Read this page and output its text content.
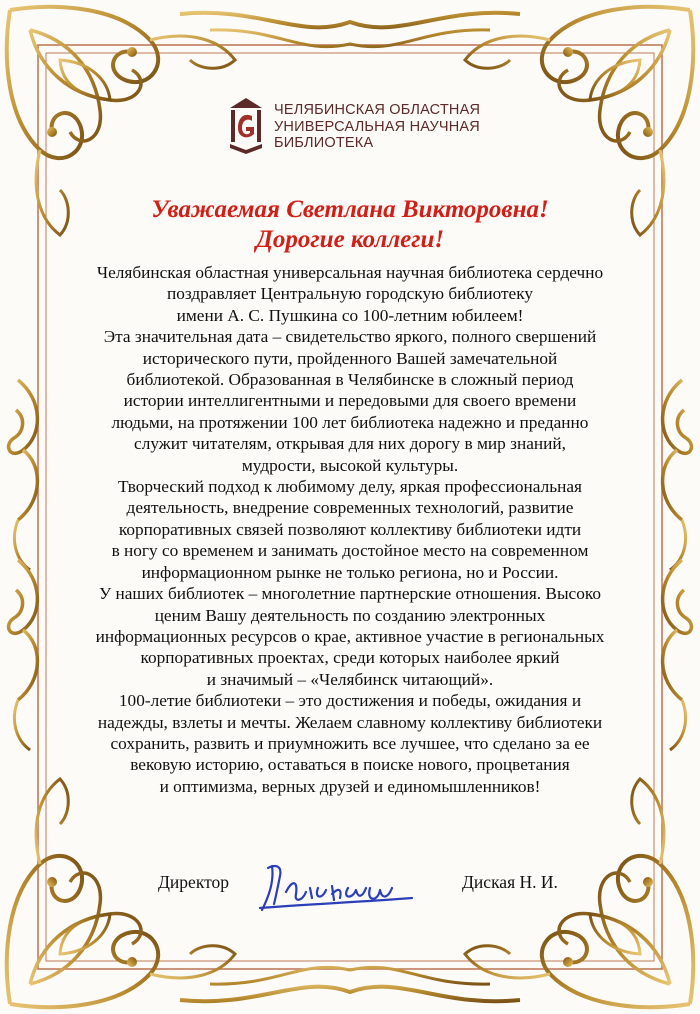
ЧЕЛЯБИНСКАЯ ОБЛАСТНАЯ
УНИВЕРСАЛЬНАЯ НАУЧНАЯ
БИБЛИОТЕКА
Уважаемая Светлана Викторовна!
Дорогие коллеги!
Челябинская областная универсальная научная библиотека сердечно
поздравляет Центральную городскую библиотеку
имени А. С. Пушкина со 100-летним юбилеем!
Эта значительная дата – свидетельство яркого, полного свершений
исторического пути, пройденного Вашей замечательной
библиотекой. Образованная в Челябинске в сложный период
истории интеллигентными и передовыми для своего времени
людьми, на протяжении 100 лет библиотека надежно и преданно
служит читателям, открывая для них дорогу в мир знаний,
мудрости, высокой культуры.
Творческий подход к любимому делу, яркая профессиональная
деятельность, внедрение современных технологий, развитие
корпоративных связей позволяют коллективу библиотеки идти
в ногу со временем и занимать достойное место на современном
информационном рынке не только региона, но и России.
У наших библиотек – многолетние партнерские отношения. Высоко
ценим Вашу деятельность по созданию электронных
информационных ресурсов о крае, активное участие в региональных
корпоративных проектах, среди которых наиболее яркий
и значимый – «Челябинск читающий».
100-летие библиотеки – это достижения и победы, ожидания и
надежды, взлеты и мечты. Желаем славному коллективу библиотеки
сохранить, развить и приумножить все лучшее, что сделано за ее
вековую историю, оставаться в поиске нового, процветания
и оптимизма, верных друзей и единомышленников!
Директор	Диская Н. И.
